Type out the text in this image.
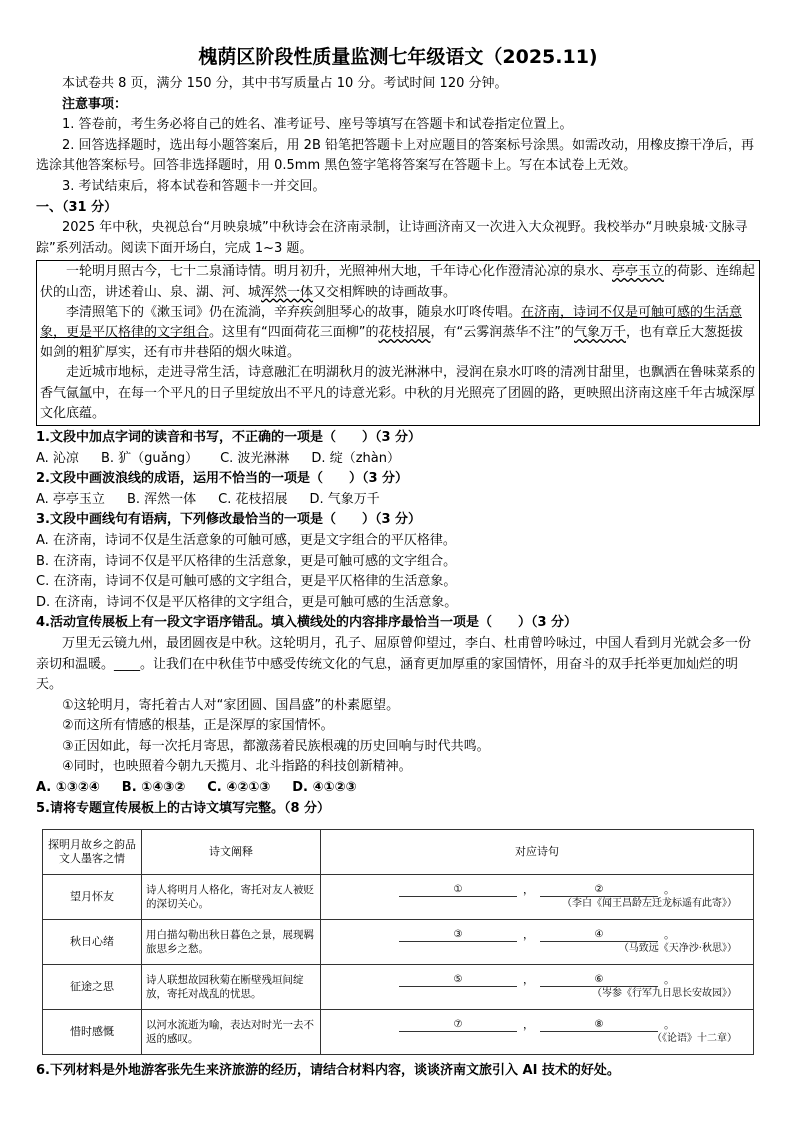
槐荫区阶段性质量监测七年级语文（2025.11)

本试卷共 8 页，满分 150 分，其中书写质量占 10 分。考试时间 120 分钟。

注意事项：

1. 答卷前，考生务必将自己的姓名、准考证号、座号等填写在答题卡和试卷指定位置上。

2. 回答选择题时，选出每小题答案后，用 2B 铅笔把答题卡上对应题目的答案标号涂黑。如需改动，用橡皮擦干净后，再选涂其他答案标号。回答非选择题时，用 0.5mm 黑色签字笔将答案写在答题卡上。写在本试卷上无效。

3. 考试结束后，将本试卷和答题卡一并交回。

一、（31 分）

2025 年中秋，央视总台“月映泉城”中秋诗会在济南录制，让诗画济南又一次进入大众视野。我校举办“月映泉城·文脉寻踪”系列活动。阅读下面开场白，完成 1~3 题。

一轮明月照古今，七十二泉涌诗情。明月初升，光照神州大地，千年诗心化作澄清沁凉的泉水、亭亭玉立的荷影、连绵起伏的山峦，讲述着山、泉、湖、河、城浑然一体又交相辉映的诗画故事。

李清照笔下的《漱玉词》仍在流淌，辛弃疾剑胆琴心的故事，随泉水叮咚传唱。在济南，诗词不仅是可触可感的生活意象，更是平仄格律的文字组合。这里有“四面荷花三面柳”的花枝招展，有“云雾润蒸华不注”的气象万千，也有章丘大葱挺拔如剑的粗犷厚实，还有市井巷陌的烟火味道。

走近城市地标，走进寻常生活，诗意融汇在明湖秋月的波光淋淋中，浸润在泉水叮咚的清冽甘甜里，也飘洒在鲁味菜系的香气氤氲中，在每一个平凡的日子里绽放出不平凡的诗意光彩。中秋的月光照亮了团圆的路，更映照出济南这座千年古城深厚文化底蕴。

1.文段中加点字词的读音和书写，不正确的一项是（　　）（3 分）

A. 沁凉 B. 犷（guǎng） C. 波光淋淋 D. 绽（zhàn）

2.文段中画波浪线的成语，运用不恰当的一项是（　　）（3 分）

A. 亭亭玉立 B. 浑然一体 C. 花枝招展 D. 气象万千

3.文段中画线句有语病，下列修改最恰当的一项是（　　）（3 分）

A. 在济南，诗词不仅是生活意象的可触可感，更是文字组合的平仄格律。

B. 在济南，诗词不仅是平仄格律的生活意象，更是可触可感的文字组合。

C. 在济南，诗词不仅是可触可感的文字组合，更是平仄格律的生活意象。

D. 在济南，诗词不仅是平仄格律的文字组合，更是可触可感的生活意象。

4.活动宣传展板上有一段文字语序错乱。填入横线处的内容排序最恰当一项是（　　）（3 分）

万里无云镜九州，最团圆夜是中秋。这轮明月，孔子、屈原曾仰望过，李白、杜甫曾吟咏过，中国人看到月光就会多一份亲切和温暖。____。让我们在中秋佳节中感受传统文化的气息，涵育更加厚重的家国情怀，用奋斗的双手托举更加灿烂的明天。

①这轮明月，寄托着古人对“家团圆、国昌盛”的朴素愿望。

②而这所有情感的根基，正是深厚的家国情怀。

③正因如此，每一次托月寄思，都激荡着民族根魂的历史回响与时代共鸣。

④同时，也映照着今朝九天揽月、北斗指路的科技创新精神。

A. ①③②④ B. ①④③② C. ④②①③ D. ④①②③

5.请将专题宣传展板上的古诗文填写完整。（8 分）

探明月故乡之韵品文人墨客之情	诗文阐释	对应诗句
望月怀友	诗人将明月人格化，寄托对友人被贬的深切关心。	① ， ② 。
（李白《闻王昌龄左迁龙标遥有此寄》）

秋日心绪	用白描勾勒出秋日暮色之景，展现羁旅思乡之愁。	③ ， ④ 。
（马致远《天净沙·秋思》）

征途之思	诗人联想故园秋菊在断壁残垣间绽放，寄托对战乱的忧思。	⑤ ， ⑥ 。
（岑参《行军九日思长安故园》）

惜时感慨	以河水流逝为喻，表达对时光一去不返的感叹。	⑦ ， ⑧ 。
（《论语》十二章）

6.下列材料是外地游客张先生来济旅游的经历，请结合材料内容，谈谈济南文旅引入 AI 技术的好处。
